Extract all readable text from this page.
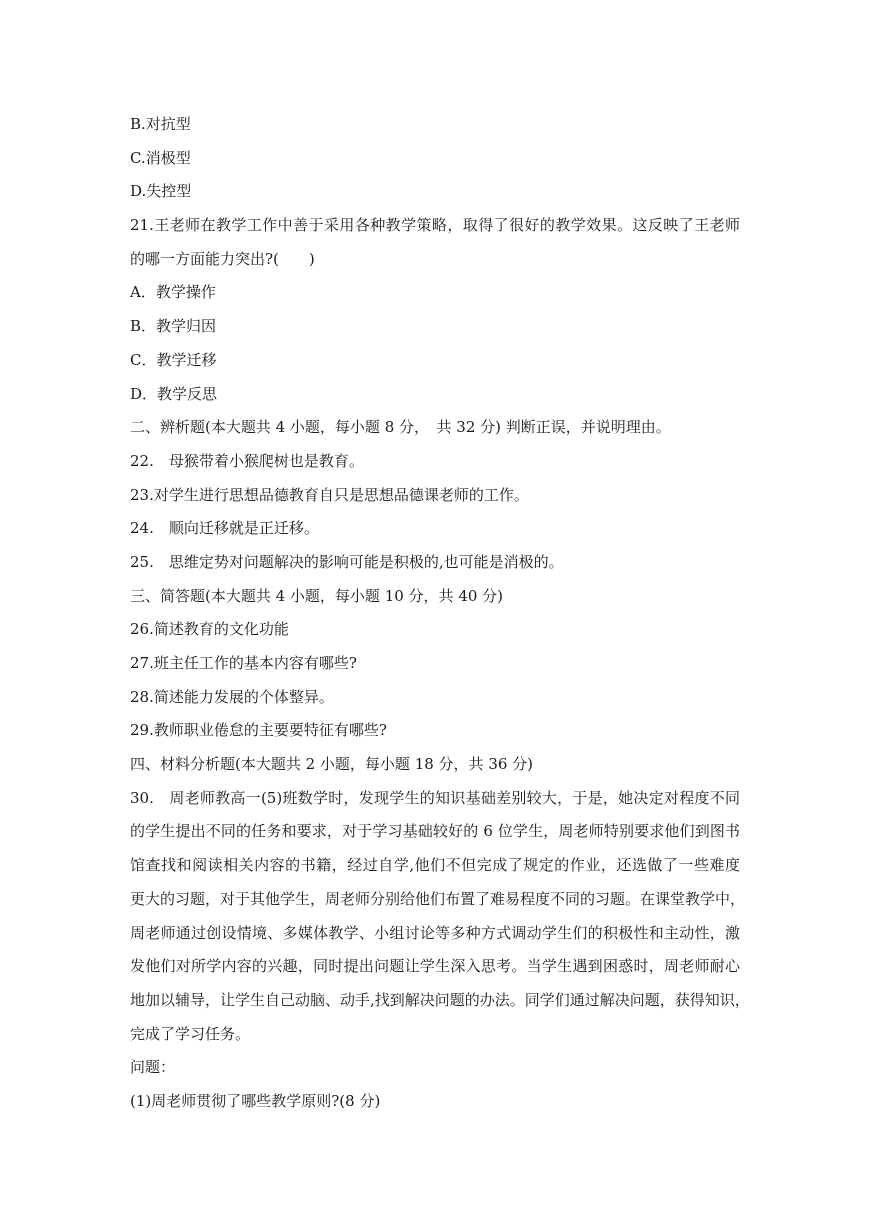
B.对抗型

C.消极型

D.失控型

21.王老师在教学工作中善于采用各种教学策略，取得了很好的教学效果。这反映了王老师

的哪一方面能力突出?(　　)

A．教学操作

B．教学归因

C．教学迁移

D．教学反思

二、辨析题(本大题共 4 小题，每小题 8 分，　共 32 分) 判断正误，并说明理由。

22.　母猴带着小猴爬树也是教育。

23.对学生进行思想品德教育自只是思想品德课老师的工作。

24.　顺向迁移就是正迁移。

25.　思维定势对问题解决的影响可能是积极的,也可能是消极的。

三、简答题(本大题共 4 小题，每小题 10 分，共 40 分)

26.简述教育的文化功能

27.班主任工作的基本内容有哪些?

28.简述能力发展的个体整异。

29.教师职业倦怠的主要要特征有哪些?

四、材料分析题(本大题共 2 小题，每小题 18 分，共 36 分)

30.　周老师教高一(5)班数学时，发现学生的知识基础差别较大，于是，她决定对程度不同

的学生提出不同的任务和要求，对于学习基础较好的 6 位学生，周老师特别要求他们到图书

馆查找和阅读相关内容的书籍，经过自学,他们不但完成了规定的作业，还选做了一些难度

更大的习题，对于其他学生，周老师分别给他们布置了难易程度不同的习题。在课堂教学中，

周老师通过创设情境、多媒体教学、小组讨论等多种方式调动学生们的积极性和主动性，激

发他们对所学内容的兴趣，同时提出问题让学生深入思考。当学生遇到困惑时，周老师耐心

地加以辅导，让学生自己动脑、动手,找到解决问题的办法。同学们通过解决问题，获得知识，

完成了学习任务。

问题：

(1)周老师贯彻了哪些教学原则?(8 分)
